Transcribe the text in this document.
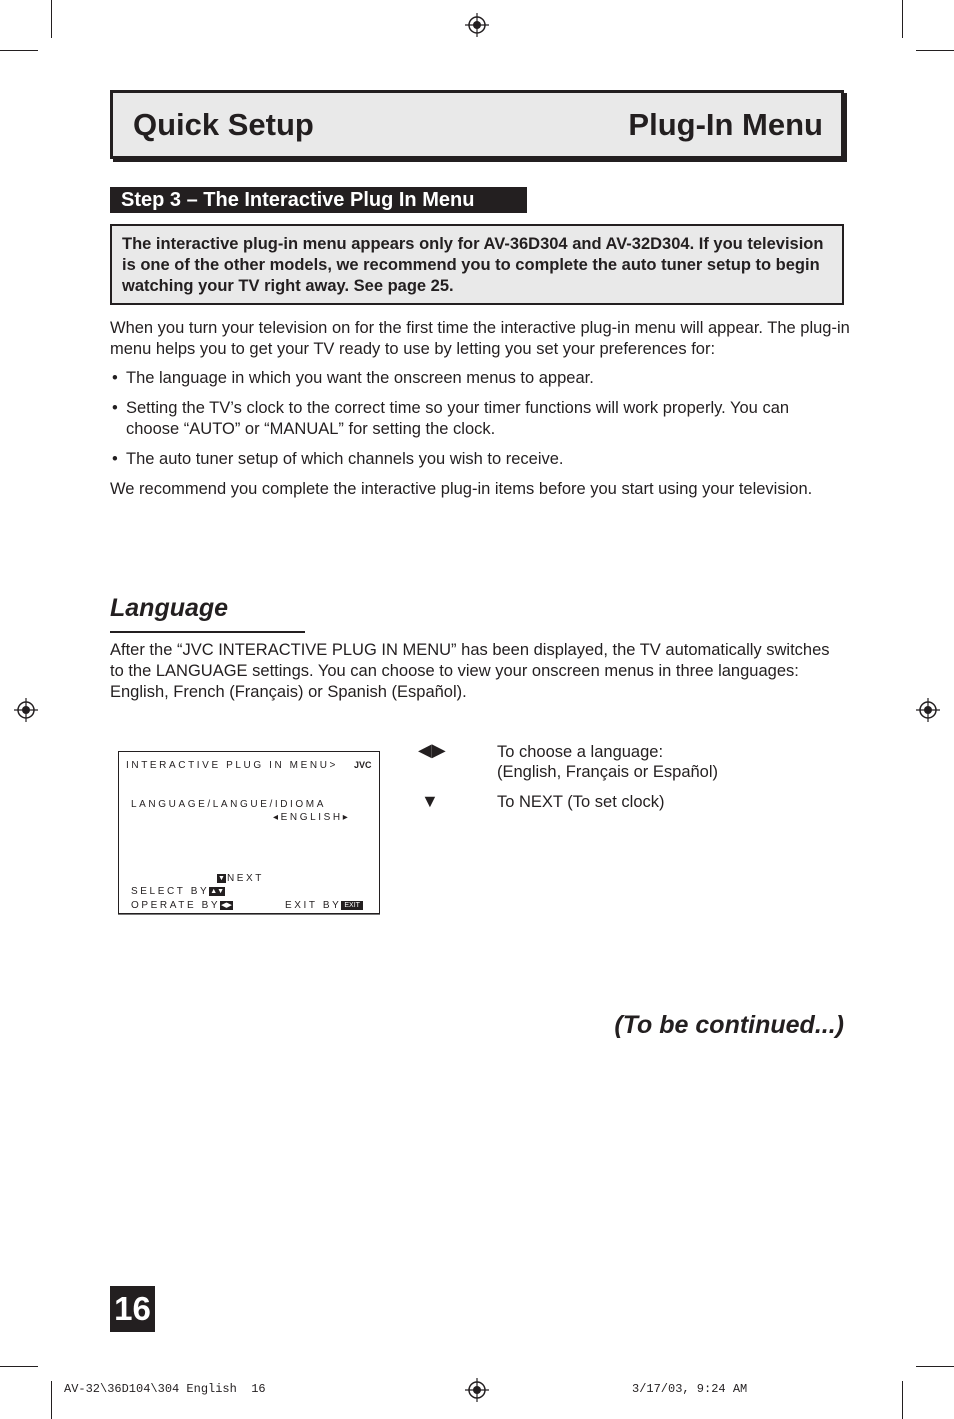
Quick Setup	Plug-In Menu
Step 3 – The Interactive Plug In Menu
The interactive plug-in menu appears only for AV-36D304 and AV-32D304. If you television is one of the other models, we recommend you to complete the auto tuner setup to begin watching your TV right away. See page 25.
When you turn your television on for the first time the interactive plug-in menu will appear. The plug-in menu helps you to get your TV ready to use by letting you set your preferences for:
• The language in which you want the onscreen menus to appear.
• Setting the TV’s clock to the correct time so your timer functions will work properly. You can choose “AUTO” or “MANUAL” for setting the clock.
• The auto tuner setup of which channels you wish to receive.
We recommend you complete the interactive plug-in items before you start using your television.
Language
After the “JVC INTERACTIVE PLUG IN MENU” has been displayed, the TV automatically switches to the LANGUAGE settings. You can choose to view your onscreen menus in three languages: English, French (Français) or Spanish (Español).
INTERACTIVE PLUG IN MENU> JVC
LANGUAGE/LANGUE/IDIOMA
◂ENGLISH▸
▼ NEXT
SELECT BY▲▼
OPERATE BY◀▶	EXIT BY EXIT
◀▶	To choose a language:
(English, Français or Español)
▼	To NEXT (To set clock)
(To be continued...)
16
AV-32\36D104\304 English  16	3/17/03, 9:24 AM
